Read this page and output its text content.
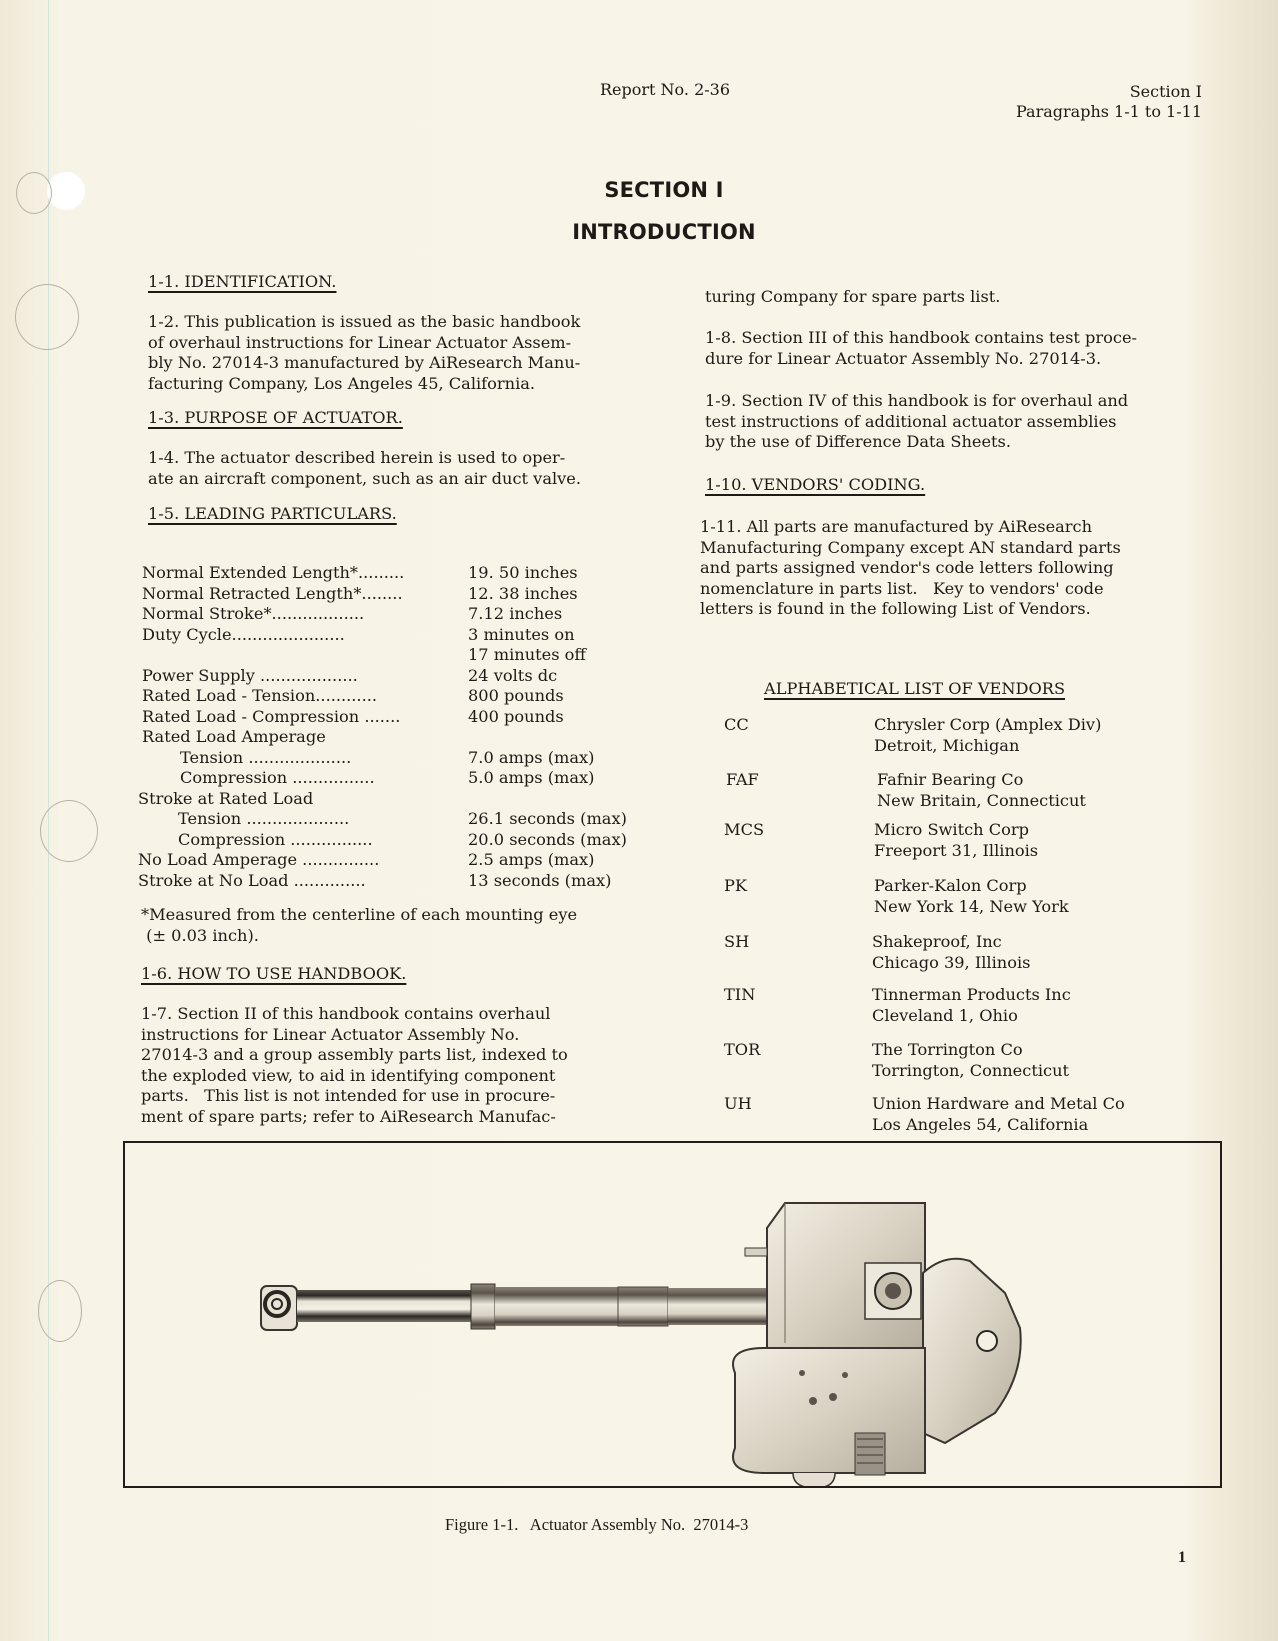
Report No. 2-36	Section I
Paragraphs 1-1 to 1-11
SECTION I
INTRODUCTION
1-1. IDENTIFICATION.
1-2. This publication is issued as the basic handbook
of overhaul instructions for Linear Actuator Assem-
bly No. 27014-3 manufactured by AiResearch Manu-
facturing Company, Los Angeles 45, California.
1-3. PURPOSE OF ACTUATOR.
1-4. The actuator described herein is used to oper-
ate an aircraft component, such as an air duct valve.
1-5. LEADING PARTICULARS.
Normal Extended Length*.........	19. 50 inches
Normal Retracted Length*........	12. 38 inches
Normal Stroke*..................	7.12 inches
Duty Cycle......................	3 minutes on
17 minutes off
Power Supply ...................	24 volts dc
Rated Load - Tension............	800 pounds
Rated Load - Compression .......	400 pounds
Rated Load Amperage
Tension ....................	7.0 amps (max)
Compression ................	5.0 amps (max)
Stroke at Rated Load
Tension ....................	26.1 seconds (max)
Compression ................	20.0 seconds (max)
No Load Amperage ...............	2.5 amps (max)
Stroke at No Load ..............	13 seconds (max)
*Measured from the centerline of each mounting eye
(± 0.03 inch).
1-6. HOW TO USE HANDBOOK.
1-7. Section II of this handbook contains overhaul
instructions for Linear Actuator Assembly No.
27014-3 and a group assembly parts list, indexed to
the exploded view, to aid in identifying component
parts.   This list is not intended for use in procure-
ment of spare parts; refer to AiResearch Manufac-
turing Company for spare parts list.
1-8. Section III of this handbook contains test proce-
dure for Linear Actuator Assembly No. 27014-3.
1-9. Section IV of this handbook is for overhaul and
test instructions of additional actuator assemblies
by the use of Difference Data Sheets.
1-10. VENDORS' CODING.
1-11. All parts are manufactured by AiResearch
Manufacturing Company except AN standard parts
and parts assigned vendor's code letters following
nomenclature in parts list.   Key to vendors' code
letters is found in the following List of Vendors.
ALPHABETICAL LIST OF VENDORS
CC	Chrysler Corp (Amplex Div)
Detroit, Michigan
FAF	Fafnir Bearing Co
New Britain, Connecticut
MCS	Micro Switch Corp
Freeport 31, Illinois
PK	Parker-Kalon Corp
New York 14, New York
SH	Shakeproof, Inc
Chicago 39, Illinois
TIN	Tinnerman Products Inc
Cleveland 1, Ohio
TOR	The Torrington Co
Torrington, Connecticut
UH	Union Hardware and Metal Co
Los Angeles 54, California
Figure 1-1.   Actuator Assembly No.  27014-3
1
